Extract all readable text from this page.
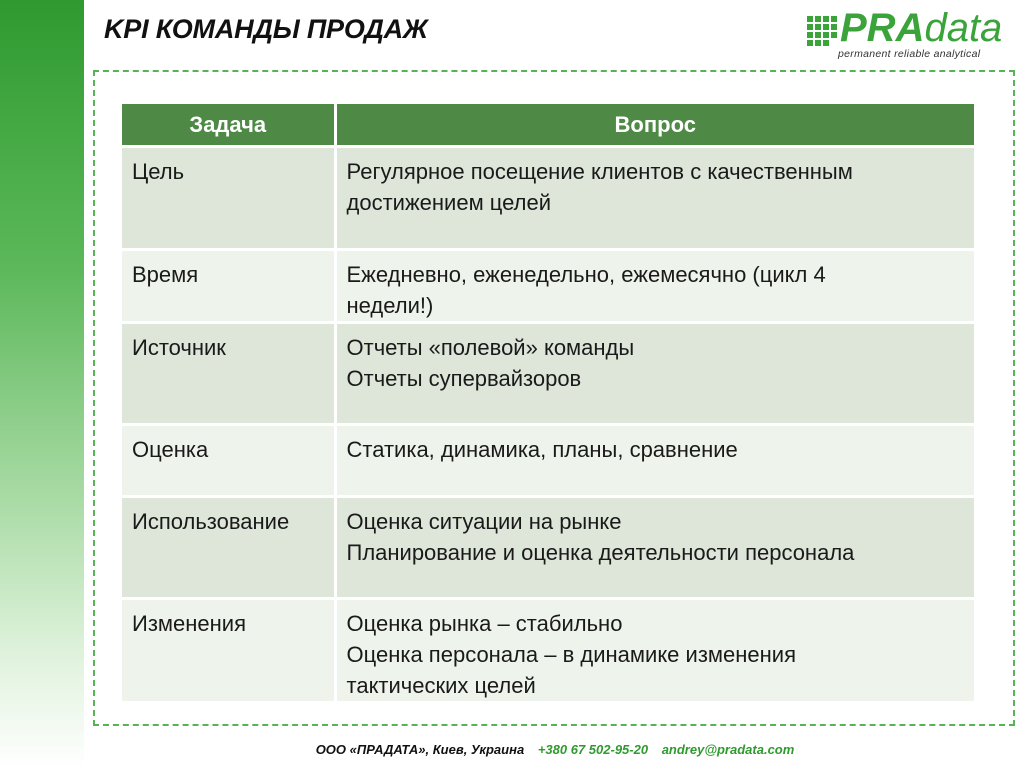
KPI КОМАНДЫ ПРОДАЖ	PRAdata
permanent reliable analytical
Задача	Вопрос
Цель	Регулярное посещение клиентов с качественным
достижением целей

Время	Ежедневно, еженедельно, ежемесячно (цикл 4
недели!)

Источник	Отчеты «полевой» команды
Отчеты супервайзоров

Оценка	Статика, динамика, планы, сравнение

Использование	Оценка ситуации на рынке
Планирование и оценка деятельности персонала

Изменения	Оценка рынка – стабильно
Оценка персонала – в динамике изменения
тактических целей
ООО «ПРАДАТА», Киев, Украина +380 67 502-95-20 andrey@pradata.com
